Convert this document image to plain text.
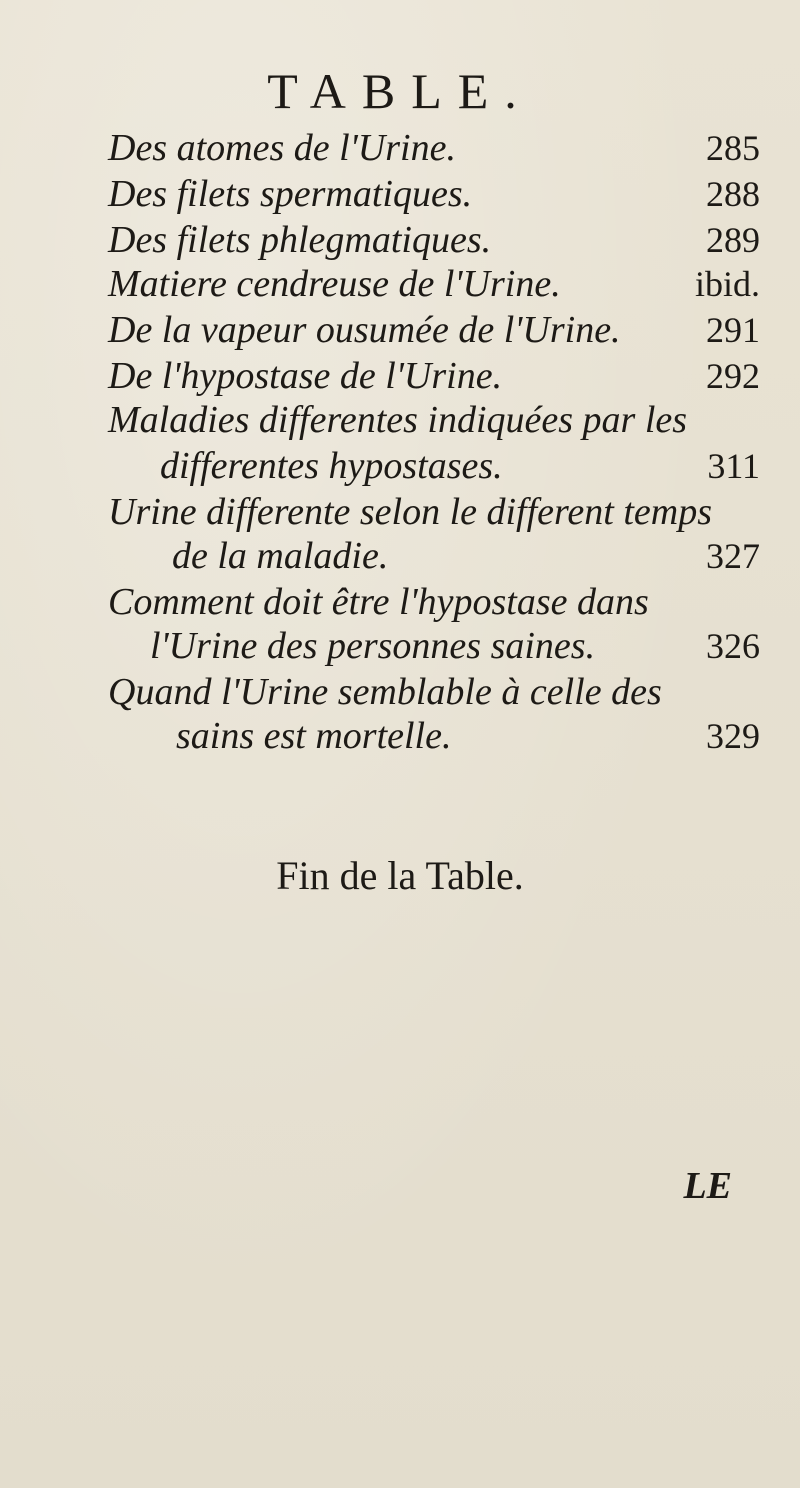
TABLE.
Des atomes de l'Urine.	285
Des filets spermatiques.	288
Des filets phlegmatiques.	289
Matiere cendreuse de l'Urine.	ibid.
De la vapeur ousumée de l'Urine. 291
De l'hypostase de l'Urine.	292
Maladies differentes indiquées par les
differentes hypostases.	311
Urine differente selon le different temps
de la maladie.	327
Comment doit être l'hypostase dans
l'Urine des personnes saines.	326
Quand l'Urine semblable à celle des
sains est mortelle.	329
Fin de la Table.
LE
